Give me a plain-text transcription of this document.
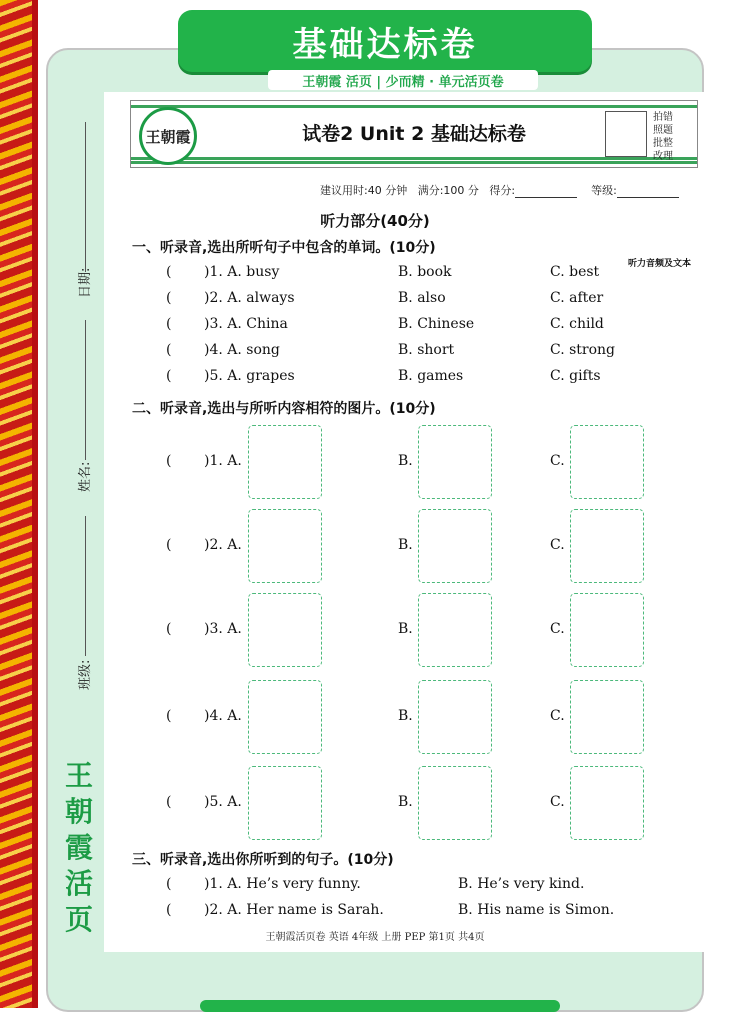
基础达标卷
王朝霞 活页 | 少而精 · 单元活页卷
日期:
姓名:
班级:
王
朝
霞
活
页
王朝霞	试卷2 Unit 2 基础达标卷
拍错
照题
批整
改理
建议用时:40 分钟 满分:100 分 得分:	等级:
听力部分(40分)
一、听录音,选出所听句子中包含的单词。(10分)
听力音频及文本
( )1. A. busy	B. book	C. best
( )2. A. always	B. also	C. after
( )3. A. China	B. Chinese	C. child
( )4. A. song	B. short	C. strong
( )5. A. grapes	B. games	C. gifts
二、听录音,选出与所听内容相符的图片。(10分)
( )1. A.	B.	C.
( )2. A.	B.	C.
( )3. A.	B.	C.
( )4. A.	B.	C.
( )5. A.	B.	C.
三、听录音,选出你所听到的句子。(10分)
( )1. A. He’s very funny.	B. He’s very kind.
( )2. A. Her name is Sarah.	B. His name is Simon.
王朝霞活页卷 英语 4年级 上册 PEP 第1页 共4页
